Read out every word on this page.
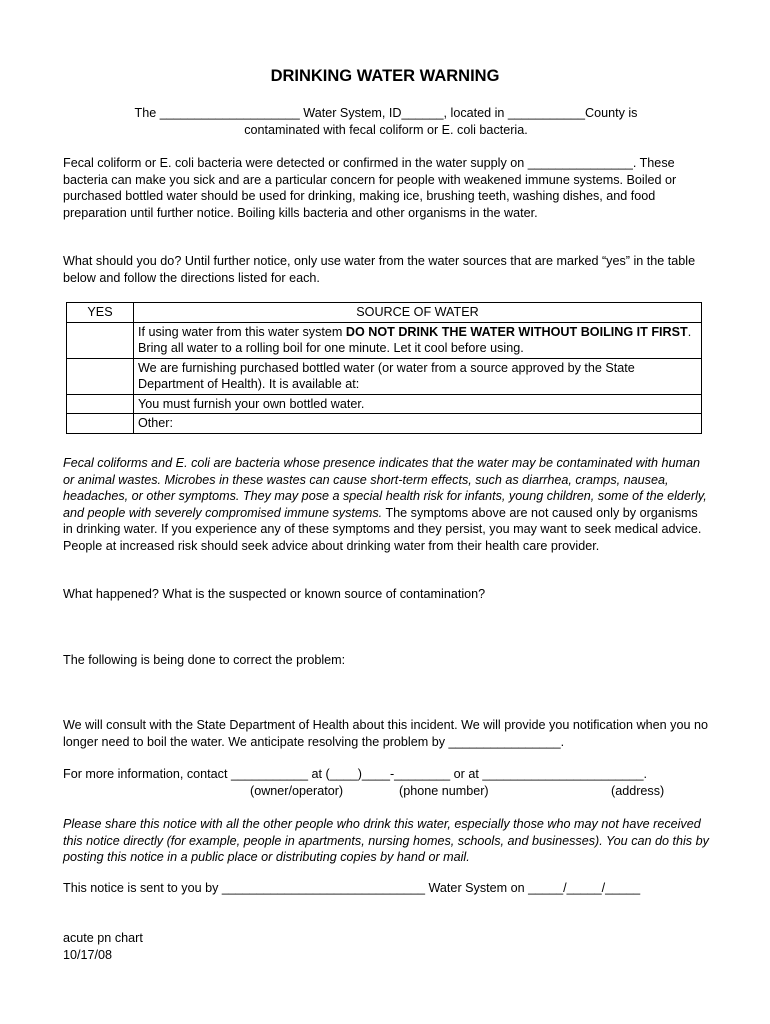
DRINKING WATER WARNING

The ____________________ Water System, ID______, located in ___________County is
contaminated with fecal coliform or E. coli bacteria.

Fecal coliform or E. coli bacteria were detected or confirmed in the water supply on _______________. These bacteria can make you sick and are a particular concern for people with weakened immune systems. Boiled or purchased bottled water should be used for drinking, making ice, brushing teeth, washing dishes, and food preparation until further notice. Boiling kills bacteria and other organisms in the water.

What should you do? Until further notice, only use water from the water sources that are marked “yes” in the table below and follow the directions listed for each.

YES	SOURCE OF WATER
	If using water from this water system DO NOT DRINK THE WATER WITHOUT BOILING IT FIRST. Bring all water to a rolling boil for one minute. Let it cool before using.
	We are furnishing purchased bottled water (or water from a source approved by the State Department of Health). It is available at:
	You must furnish your own bottled water.
	Other:

Fecal coliforms and E. coli are bacteria whose presence indicates that the water may be contaminated with human or animal wastes. Microbes in these wastes can cause short-term effects, such as diarrhea, cramps, nausea, headaches, or other symptoms. They may pose a special health risk for infants, young children, some of the elderly, and people with severely compromised immune systems. The symptoms above are not caused only by organisms in drinking water. If you experience any of these symptoms and they persist, you may want to seek medical advice. People at increased risk should seek advice about drinking water from their health care provider.

What happened? What is the suspected or known source of contamination?

The following is being done to correct the problem:

We will consult with the State Department of Health about this incident. We will provide you notification when you no longer need to boil the water. We anticipate resolving the problem by ________________.

For more information, contact ___________ at (____)____-________ or at _______________________.

(owner/operator)	(phone number)	(address)

Please share this notice with all the other people who drink this water, especially those who may not have received this notice directly (for example, people in apartments, nursing homes, schools, and businesses). You can do this by posting this notice in a public place or distributing copies by hand or mail.

This notice is sent to you by _____________________________ Water System on _____/_____/_____

acute pn chart
10/17/08
